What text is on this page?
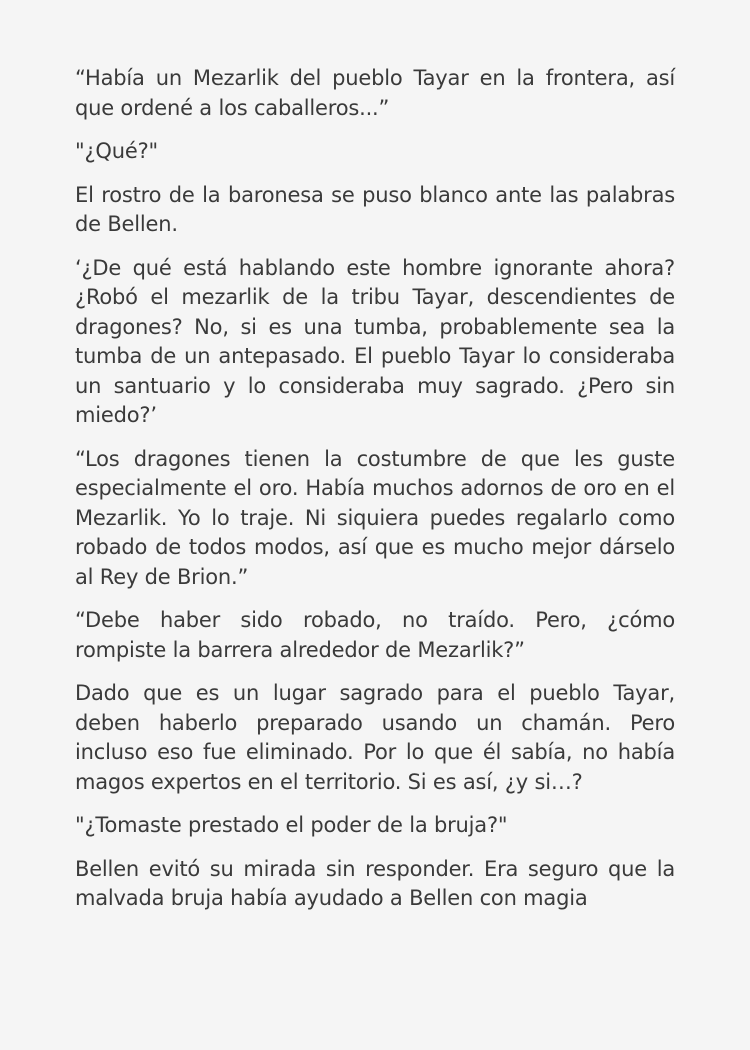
“Había un Mezarlik del pueblo Tayar en la frontera, así que ordené a los caballeros...”

"¿Qué?"

El rostro de la baronesa se puso blanco ante las palabras de Bellen.

‘¿De qué está hablando este hombre ignorante ahora? ¿Robó el mezarlik de la tribu Tayar, descendientes de dragones? No, si es una tumba, probablemente sea la tumba de un antepasado. El pueblo Tayar lo consideraba un santuario y lo consideraba muy sagrado. ¿Pero sin miedo?’

“Los dragones tienen la costumbre de que les guste especialmente el oro. Había muchos adornos de oro en el Mezarlik. Yo lo traje. Ni siquiera puedes regalarlo como robado de todos modos, así que es mucho mejor dárselo al Rey de Brion.”

“Debe haber sido robado, no traído. Pero, ¿cómo rompiste la barrera alrededor de Mezarlik?”

Dado que es un lugar sagrado para el pueblo Tayar, deben haberlo preparado usando un chamán. Pero incluso eso fue eliminado. Por lo que él sabía, no había magos expertos en el territorio. Si es así, ¿y si…?

"¿Tomaste prestado el poder de la bruja?"

Bellen evitó su mirada sin responder. Era seguro que la malvada bruja había ayudado a Bellen con magia
